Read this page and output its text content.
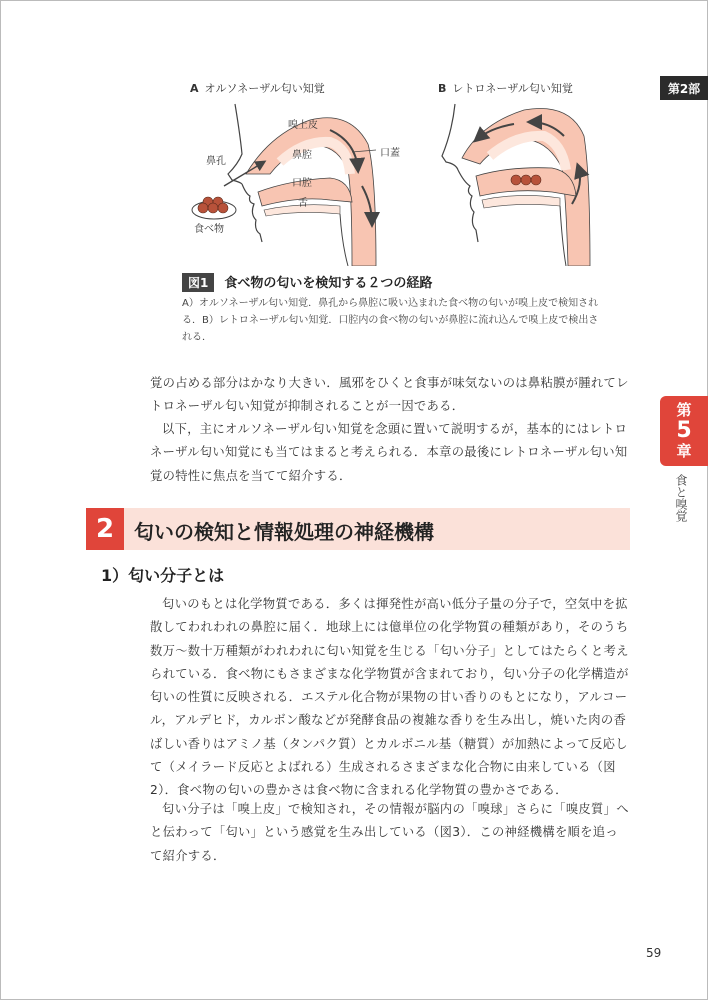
第2部
第
5
章
食と嗅覚
A オルソネーザル匂い知覚	B レトロネーザル匂い知覚
嗅上皮
鼻腔
鼻孔
口蓋
口腔
舌
食べ物
図1 食べ物の匂いを検知する２つの経路
A）オルソネーザル匂い知覚．鼻孔から鼻腔に吸い込まれた食べ物の匂いが嗅上皮で検知される．B）レトロネーザル匂い知覚．口腔内の食べ物の匂いが鼻腔に流れ込んで嗅上皮で検出される．
覚の占める部分はかなり大きい．風邪をひくと食事が味気ないのは鼻粘膜が腫れてレトロネーザル匂い知覚が抑制されることが一因である．
以下，主にオルソネーザル匂い知覚を念頭に置いて説明するが，基本的にはレトロネーザル匂い知覚にも当てはまると考えられる．本章の最後にレトロネーザル匂い知覚の特性に焦点を当てて紹介する．
2 匂いの検知と情報処理の神経機構
1）匂い分子とは
匂いのもとは化学物質である．多くは揮発性が高い低分子量の分子で，空気中を拡散してわれわれの鼻腔に届く．地球上には億単位の化学物質の種類があり，そのうち数万〜数十万種類がわれわれに匂い知覚を生じる「匂い分子」としてはたらくと考えられている．食べ物にもさまざまな化学物質が含まれており，匂い分子の化学構造が匂いの性質に反映される．エステル化合物が果物の甘い香りのもとになり，アルコール，アルデヒド，カルボン酸などが発酵食品の複雑な香りを生み出し，焼いた肉の香ばしい香りはアミノ基（タンパク質）とカルボニル基（糖質）が加熱によって反応して（メイラード反応とよばれる）生成されるさまざまな化合物に由来している（図2）．食べ物の匂いの豊かさは食べ物に含まれる化学物質の豊かさである．
匂い分子は「嗅上皮」で検知され，その情報が脳内の「嗅球」さらに「嗅皮質」へと伝わって「匂い」という感覚を生み出している（図3）．この神経機構を順を追って紹介する．
59
